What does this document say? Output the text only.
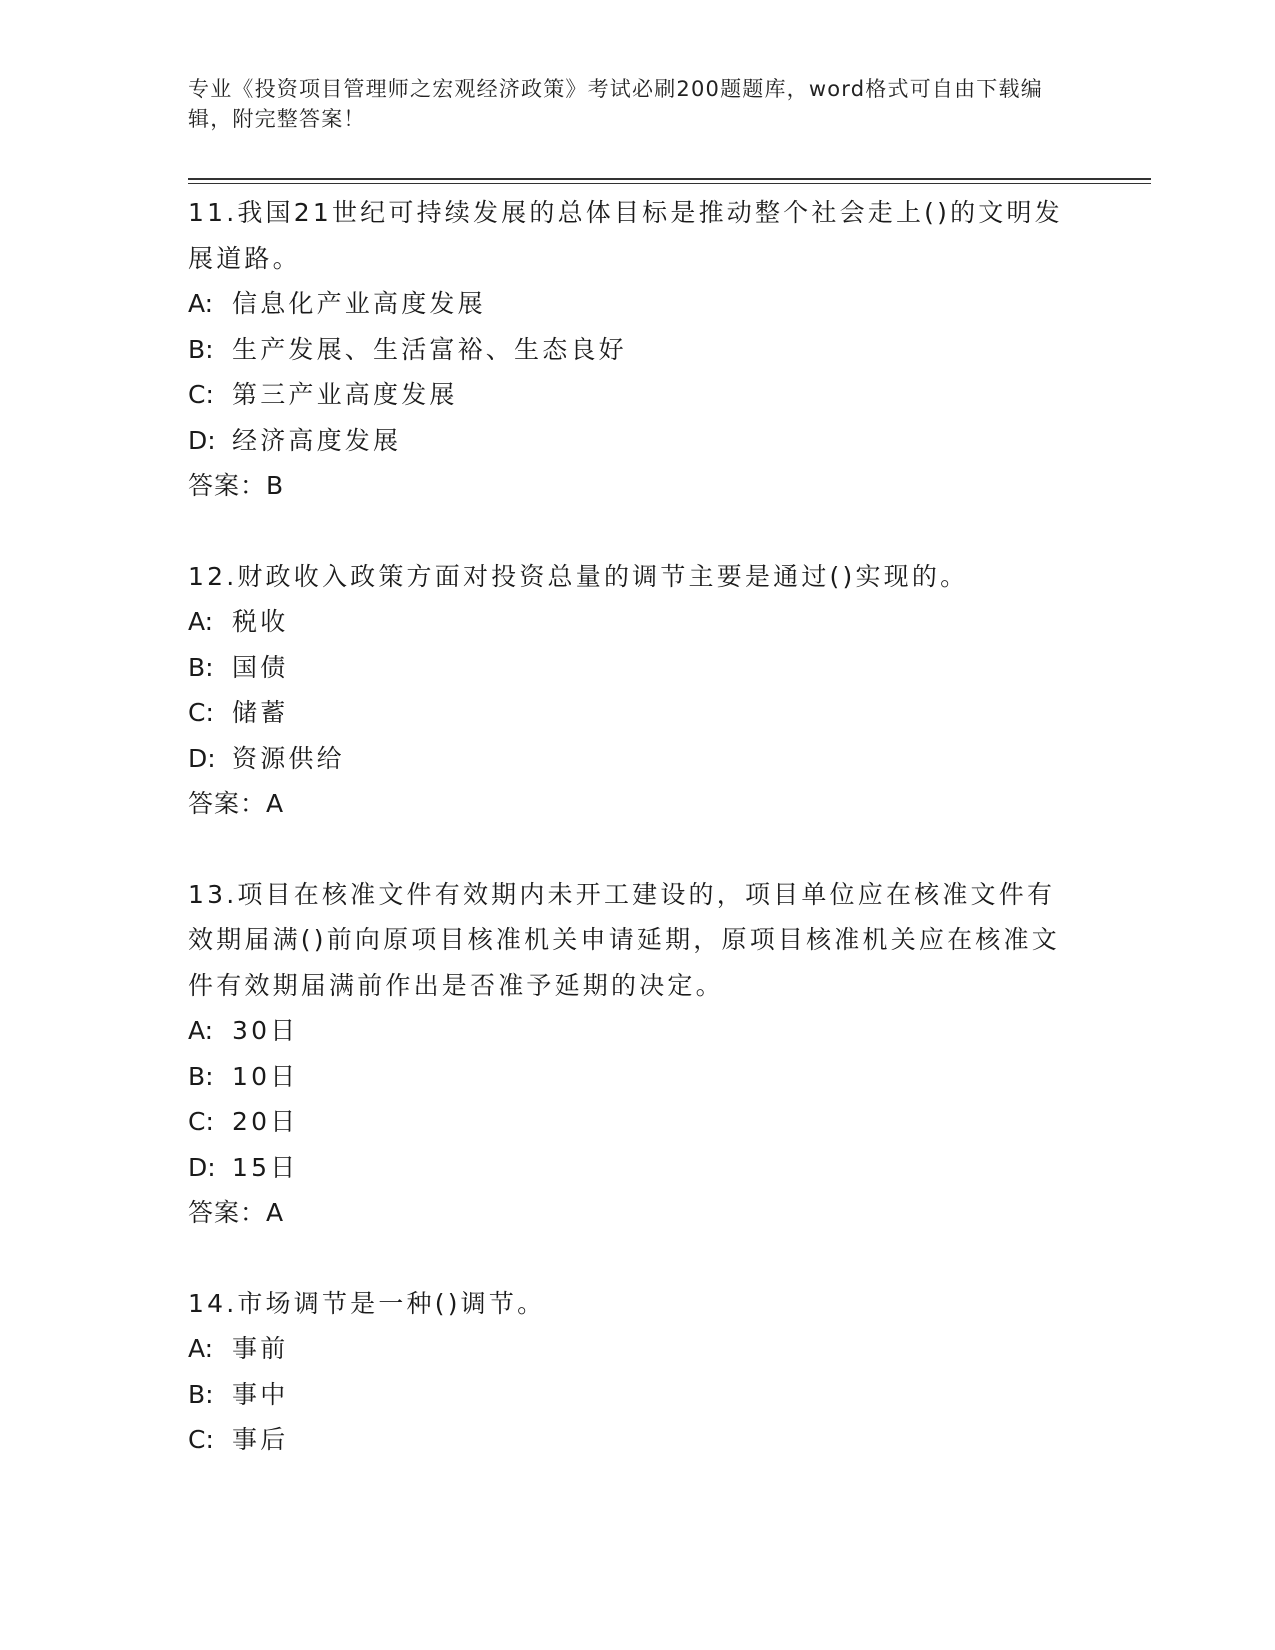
专业《投资项目管理师之宏观经济政策》考试必刷200题题库，word格式可自由下载编辑，附完整答案！

11.我国21世纪可持续发展的总体目标是推动整个社会走上()的文明发展道路。

A: 信息化产业高度发展

B: 生产发展、生活富裕、生态良好

C: 第三产业高度发展

D: 经济高度发展

答案：B

12.财政收入政策方面对投资总量的调节主要是通过()实现的。

A: 税收

B: 国债

C: 储蓄

D: 资源供给

答案：A

13.项目在核准文件有效期内未开工建设的，项目单位应在核准文件有效期届满()前向原项目核准机关申请延期，原项目核准机关应在核准文件有效期届满前作出是否准予延期的决定。

A: 30日

B: 10日

C: 20日

D: 15日

答案：A

14.市场调节是一种()调节。

A: 事前

B: 事中

C: 事后
